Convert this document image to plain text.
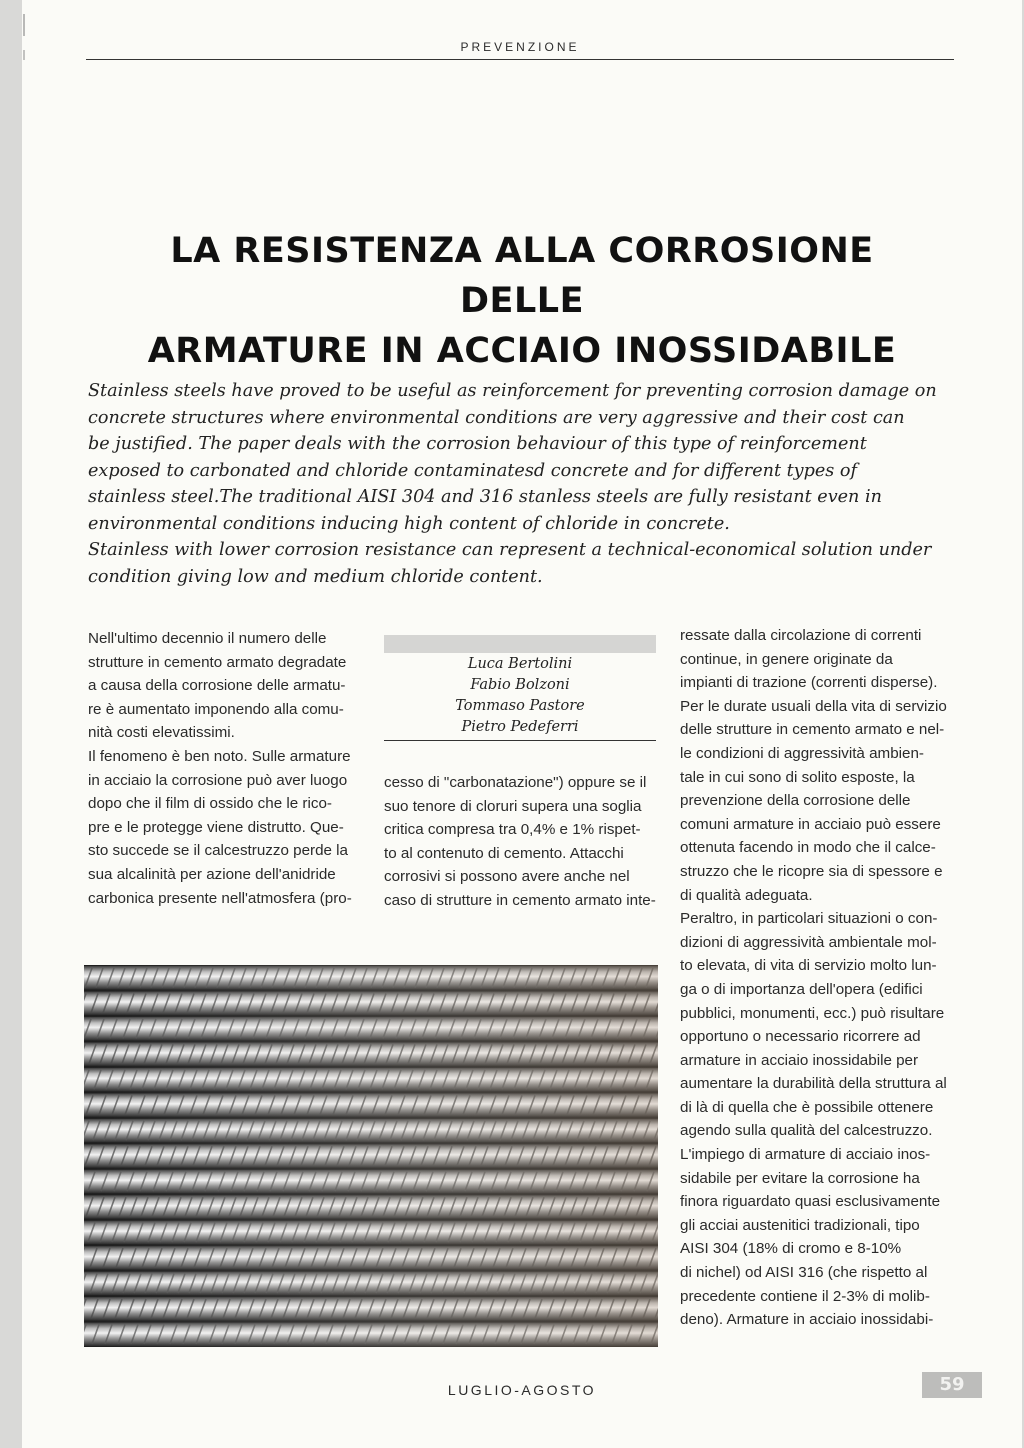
PREVENZIONE
LA RESISTENZA ALLA CORROSIONE DELLE
ARMATURE IN ACCIAIO INOSSIDABILE
Stainless steels have proved to be useful as reinforcement for preventing corrosion damage on
concrete structures where environmental conditions are very aggressive and their cost can
be justified. The paper deals with the corrosion behaviour of this type of reinforcement
exposed to carbonated and chloride contaminatesd concrete and for different types of
stainless steel.The traditional AISI 304 and 316 stanless steels are fully resistant even in
environmental conditions inducing high content of chloride in concrete.
Stainless with lower corrosion resistance can represent a technical-economical solution under
condition giving low and medium chloride content.
Nell'ultimo decennio il numero delle
strutture in cemento armato degradate
a causa della corrosione delle armatu-
re è aumentato imponendo alla comu-
nità costi elevatissimi.
Il fenomeno è ben noto. Sulle armature
in acciaio la corrosione può aver luogo
dopo che il film di ossido che le rico-
pre e le protegge viene distrutto. Que-
sto succede se il calcestruzzo perde la
sua alcalinità per azione dell'anidride
carbonica presente nell'atmosfera (pro-
Luca Bertolini
Fabio Bolzoni
Tommaso Pastore
Pietro Pedeferri
cesso di "carbonatazione") oppure se il
suo tenore di cloruri supera una soglia
critica compresa tra 0,4% e 1% rispet-
to al contenuto di cemento. Attacchi
corrosivi si possono avere anche nel
caso di strutture in cemento armato inte-
ressate dalla circolazione di correnti
continue, in genere originate da
impianti di trazione (correnti disperse).
Per le durate usuali della vita di servizio
delle strutture in cemento armato e nel-
le condizioni di aggressività ambien-
tale in cui sono di solito esposte, la
prevenzione della corrosione delle
comuni armature in acciaio può essere
ottenuta facendo in modo che il calce-
struzzo che le ricopre sia di spessore e
di qualità adeguata.
Peraltro, in particolari situazioni o con-
dizioni di aggressività ambientale mol-
to elevata, di vita di servizio molto lun-
ga o di importanza dell'opera (edifici
pubblici, monumenti, ecc.) può risultare
opportuno o necessario ricorrere ad
armature in acciaio inossidabile per
aumentare la durabilità della struttura al
di là di quella che è possibile ottenere
agendo sulla qualità del calcestruzzo.
L'impiego di armature di acciaio inos-
sidabile per evitare la corrosione ha
finora riguardato quasi esclusivamente
gli acciai austenitici tradizionali, tipo
AISI 304 (18% di cromo e 8-10%
di nichel) od AISI 316 (che rispetto al
precedente contiene il 2-3% di molib-
deno). Armature in acciaio inossidabi-
LUGLIO-AGOSTO	59
